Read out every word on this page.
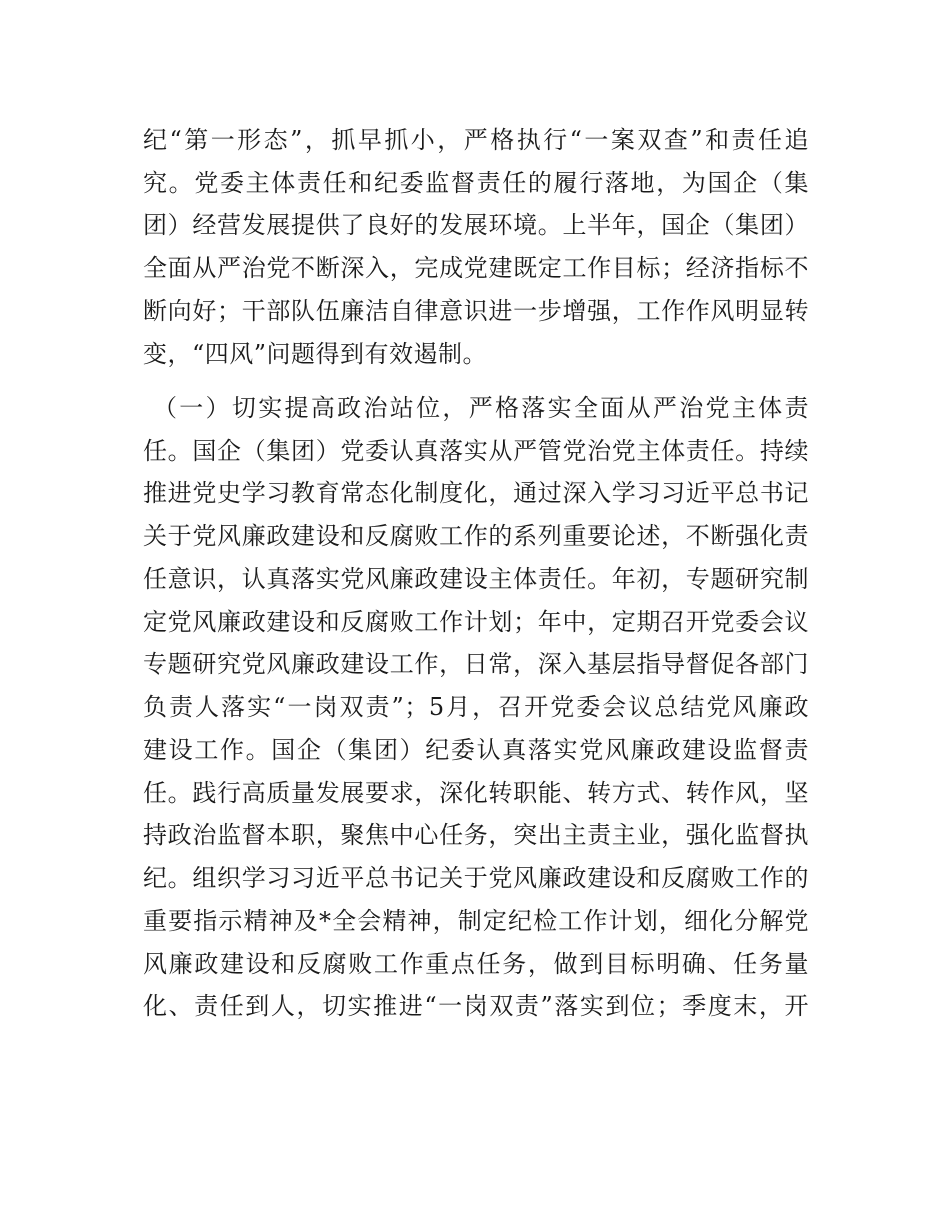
纪“第一形态”，抓早抓小，严格执行“一案双查”和责任追
究。党委主体责任和纪委监督责任的履行落地，为国企（集
团）经营发展提供了良好的发展环境。上半年，国企（集团）
全面从严治党不断深入，完成党建既定工作目标；经济指标不
断向好；干部队伍廉洁自律意识进一步增强，工作作风明显转
变，“四风”问题得到有效遏制。
（一）切实提高政治站位，严格落实全面从严治党主体责
任。国企（集团）党委认真落实从严管党治党主体责任。持续
推进党史学习教育常态化制度化，通过深入学习习近平总书记
关于党风廉政建设和反腐败工作的系列重要论述，不断强化责
任意识，认真落实党风廉政建设主体责任。年初，专题研究制
定党风廉政建设和反腐败工作计划；年中，定期召开党委会议
专题研究党风廉政建设工作，日常，深入基层指导督促各部门
负责人落实“一岗双责”；5月，召开党委会议总结党风廉政
建设工作。国企（集团）纪委认真落实党风廉政建设监督责
任。践行高质量发展要求，深化转职能、转方式、转作风，坚
持政治监督本职，聚焦中心任务，突出主责主业，强化监督执
纪。组织学习习近平总书记关于党风廉政建设和反腐败工作的
重要指示精神及*全会精神，制定纪检工作计划，细化分解党
风廉政建设和反腐败工作重点任务，做到目标明确、任务量
化、责任到人，切实推进“一岗双责”落实到位；季度末，开
